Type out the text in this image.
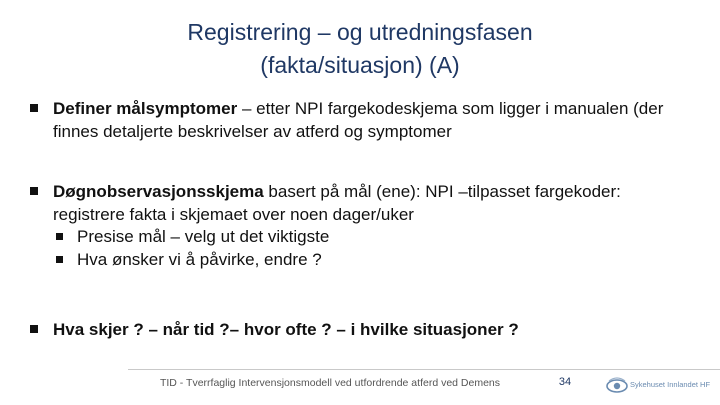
Registrering – og utredningsfasen
(fakta/situasjon) (A)
Definer målsymptomer – etter NPI fargekodeskjema som ligger i manualen (der finnes detaljerte beskrivelser av atferd og symptomer
Døgnobservasjonsskjema basert på mål (ene): NPI –tilpasset fargekoder: registrere fakta i skjemaet over noen dager/uker
Presise mål – velg ut det viktigste
Hva ønsker vi å påvirke, endre ?
Hva skjer ? – når tid ?– hvor ofte ? – i hvilke situasjoner ?
TID - Tverrfaglig Intervensjonsmodell ved utfordrende atferd ved Demens	34	Sykehuset Innlandet HF
